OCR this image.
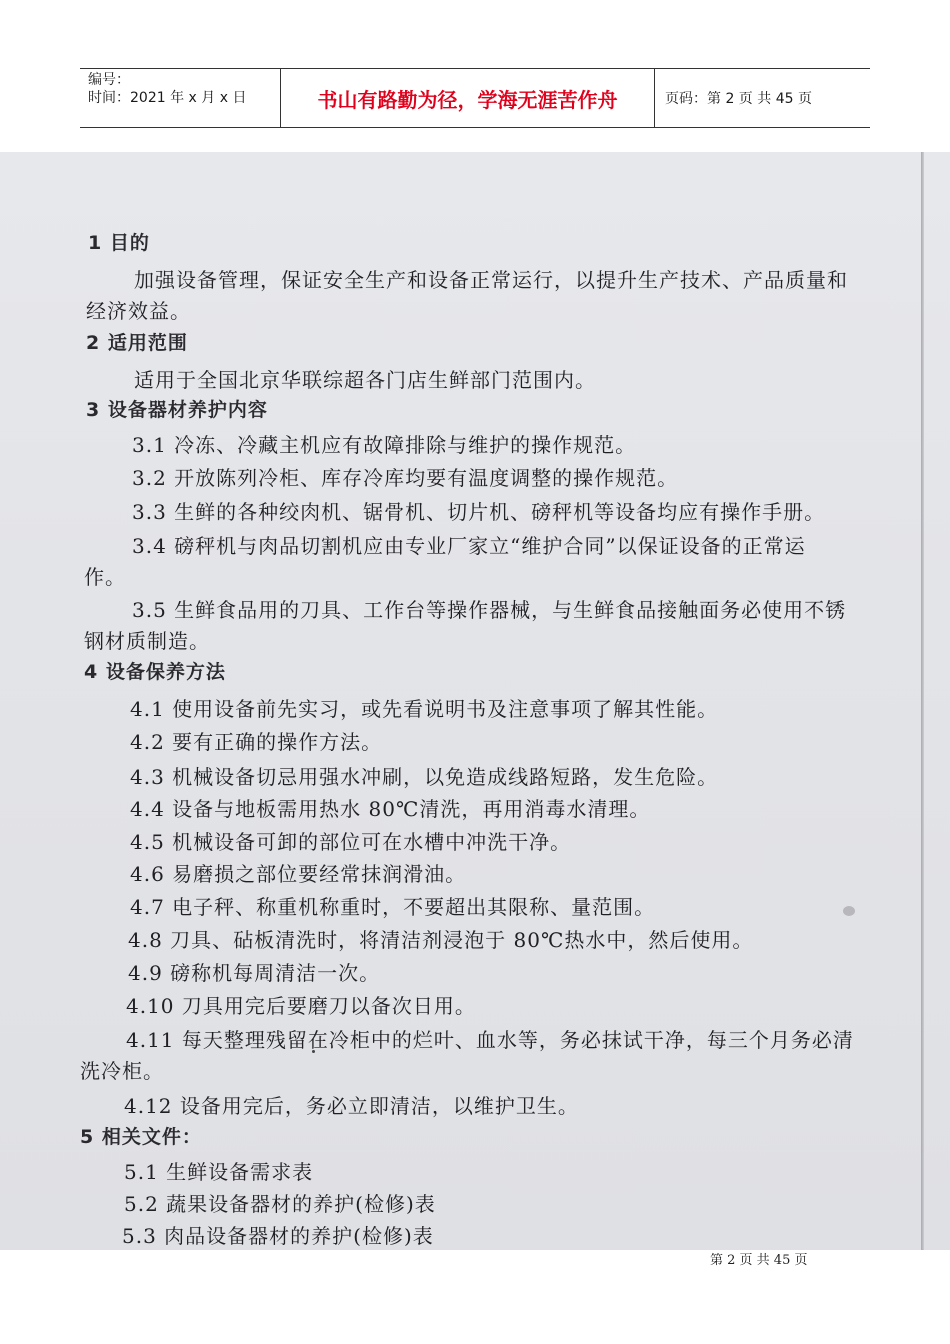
编号：
时间：2021 年 x 月 x 日	书山有路勤为径，学海无涯苦作舟	页码：第 2 页 共 45 页
1 目的
加强设备管理，保证安全生产和设备正常运行，以提升生产技术、产品质量和
经济效益。
2 适用范围
适用于全国北京华联综超各门店生鲜部门范围内。
3 设备器材养护内容
3.1 冷冻、冷藏主机应有故障排除与维护的操作规范。
3.2 开放陈列冷柜、库存冷库均要有温度调整的操作规范。
3.3 生鲜的各种绞肉机、锯骨机、切片机、磅秤机等设备均应有操作手册。
3.4 磅秤机与肉品切割机应由专业厂家立“维护合同”以保证设备的正常运
作。
3.5 生鲜食品用的刀具、工作台等操作器械，与生鲜食品接触面务必使用不锈
钢材质制造。
4 设备保养方法
4.1 使用设备前先实习，或先看说明书及注意事项了解其性能。
4.2 要有正确的操作方法。
4.3 机械设备切忌用强水冲刷，以免造成线路短路，发生危险。
4.4 设备与地板需用热水 80℃清洗，再用消毒水清理。
4.5 机械设备可卸的部位可在水槽中冲洗干净。
4.6 易磨损之部位要经常抹润滑油。
4.7 电子秤、称重机称重时，不要超出其限称、量范围。
4.8 刀具、砧板清洗时，将清洁剂浸泡于 80℃热水中，然后使用。
4.9 磅称机每周清洁一次。
4.10 刀具用完后要磨刀以备次日用。
4.11 每天整理残留在冷柜中的烂叶、血水等，务必抹试干净，每三个月务必清
洗冷柜。
4.12 设备用完后，务必立即清洁，以维护卫生。
5 相关文件：
5.1 生鲜设备需求表
5.2 蔬果设备器材的养护(检修)表
5.3 肉品设备器材的养护(检修)表
第 2 页 共 45 页
